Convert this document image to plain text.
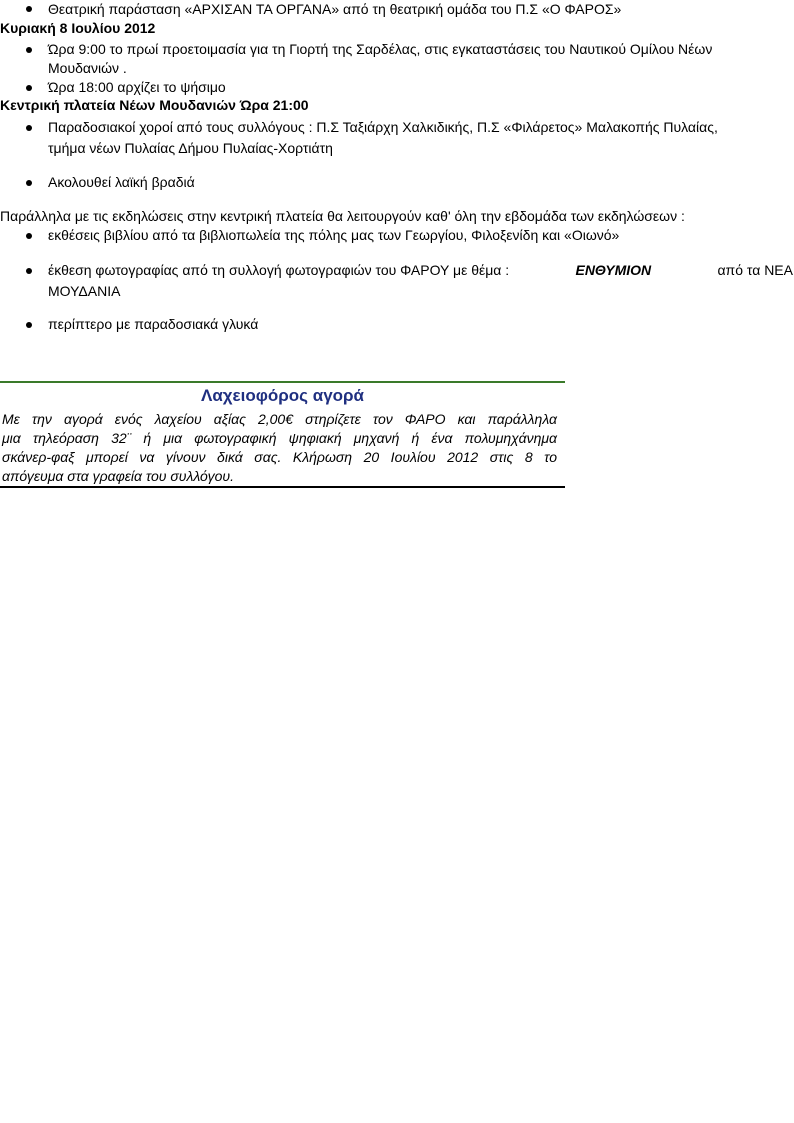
Θεατρική παράσταση «ΑΡΧΙΣΑΝ ΤΑ ΟΡΓΑΝΑ» από τη θεατρική ομάδα του Π.Σ «Ο ΦΑΡΟΣ»
Κυριακή 8 Ιουλίου 2012
Ώρα 9:00 το πρωί προετοιμασία για τη Γιορτή της Σαρδέλας, στις εγκαταστάσεις του Ναυτικού Ομίλου Νέων
Μουδανιών .
Ώρα 18:00 αρχίζει το ψήσιμο
Κεντρική πλατεία Νέων Μουδανιών Ώρα 21:00
Παραδοσιακοί χοροί από τους συλλόγους : Π.Σ Ταξιάρχη Χαλκιδικής, Π.Σ «Φιλάρετος» Μαλακοπής Πυλαίας,
τμήμα νέων Πυλαίας Δήμου Πυλαίας-Χορτιάτη
Ακολουθεί λαϊκή βραδιά
Παράλληλα με τις εκδηλώσεις στην κεντρική πλατεία θα λειτουργούν καθ' όλη την εβδομάδα των εκδηλώσεων :
εκθέσεις βιβλίου από τα βιβλιοπωλεία της πόλης μας των Γεωργίου, Φιλοξενίδη και «Οιωνό»
έκθεση φωτογραφίας από τη συλλογή φωτογραφιών του ΦΑΡΟΥ με θέμα :	ΕΝΘΥΜΙΟΝ	από τα ΝΕΑ
ΜΟΥΔΑΝΙΑ
περίπτερο με παραδοσιακά γλυκά
Λαχειοφόρος αγορά
Με την αγορά ενός λαχείου αξίας 2,00€ στηρίζετε τον ΦΑΡΟ και παράλληλα
μια τηλεόραση 32¨ ή μια φωτογραφική ψηφιακή μηχανή ή ένα πολυμηχάνημα
σκάνερ-φαξ μπορεί να γίνουν δικά σας. Κλήρωση 20 Ιουλίου 2012 στις 8 το
απόγευμα στα γραφεία του συλλόγου.
